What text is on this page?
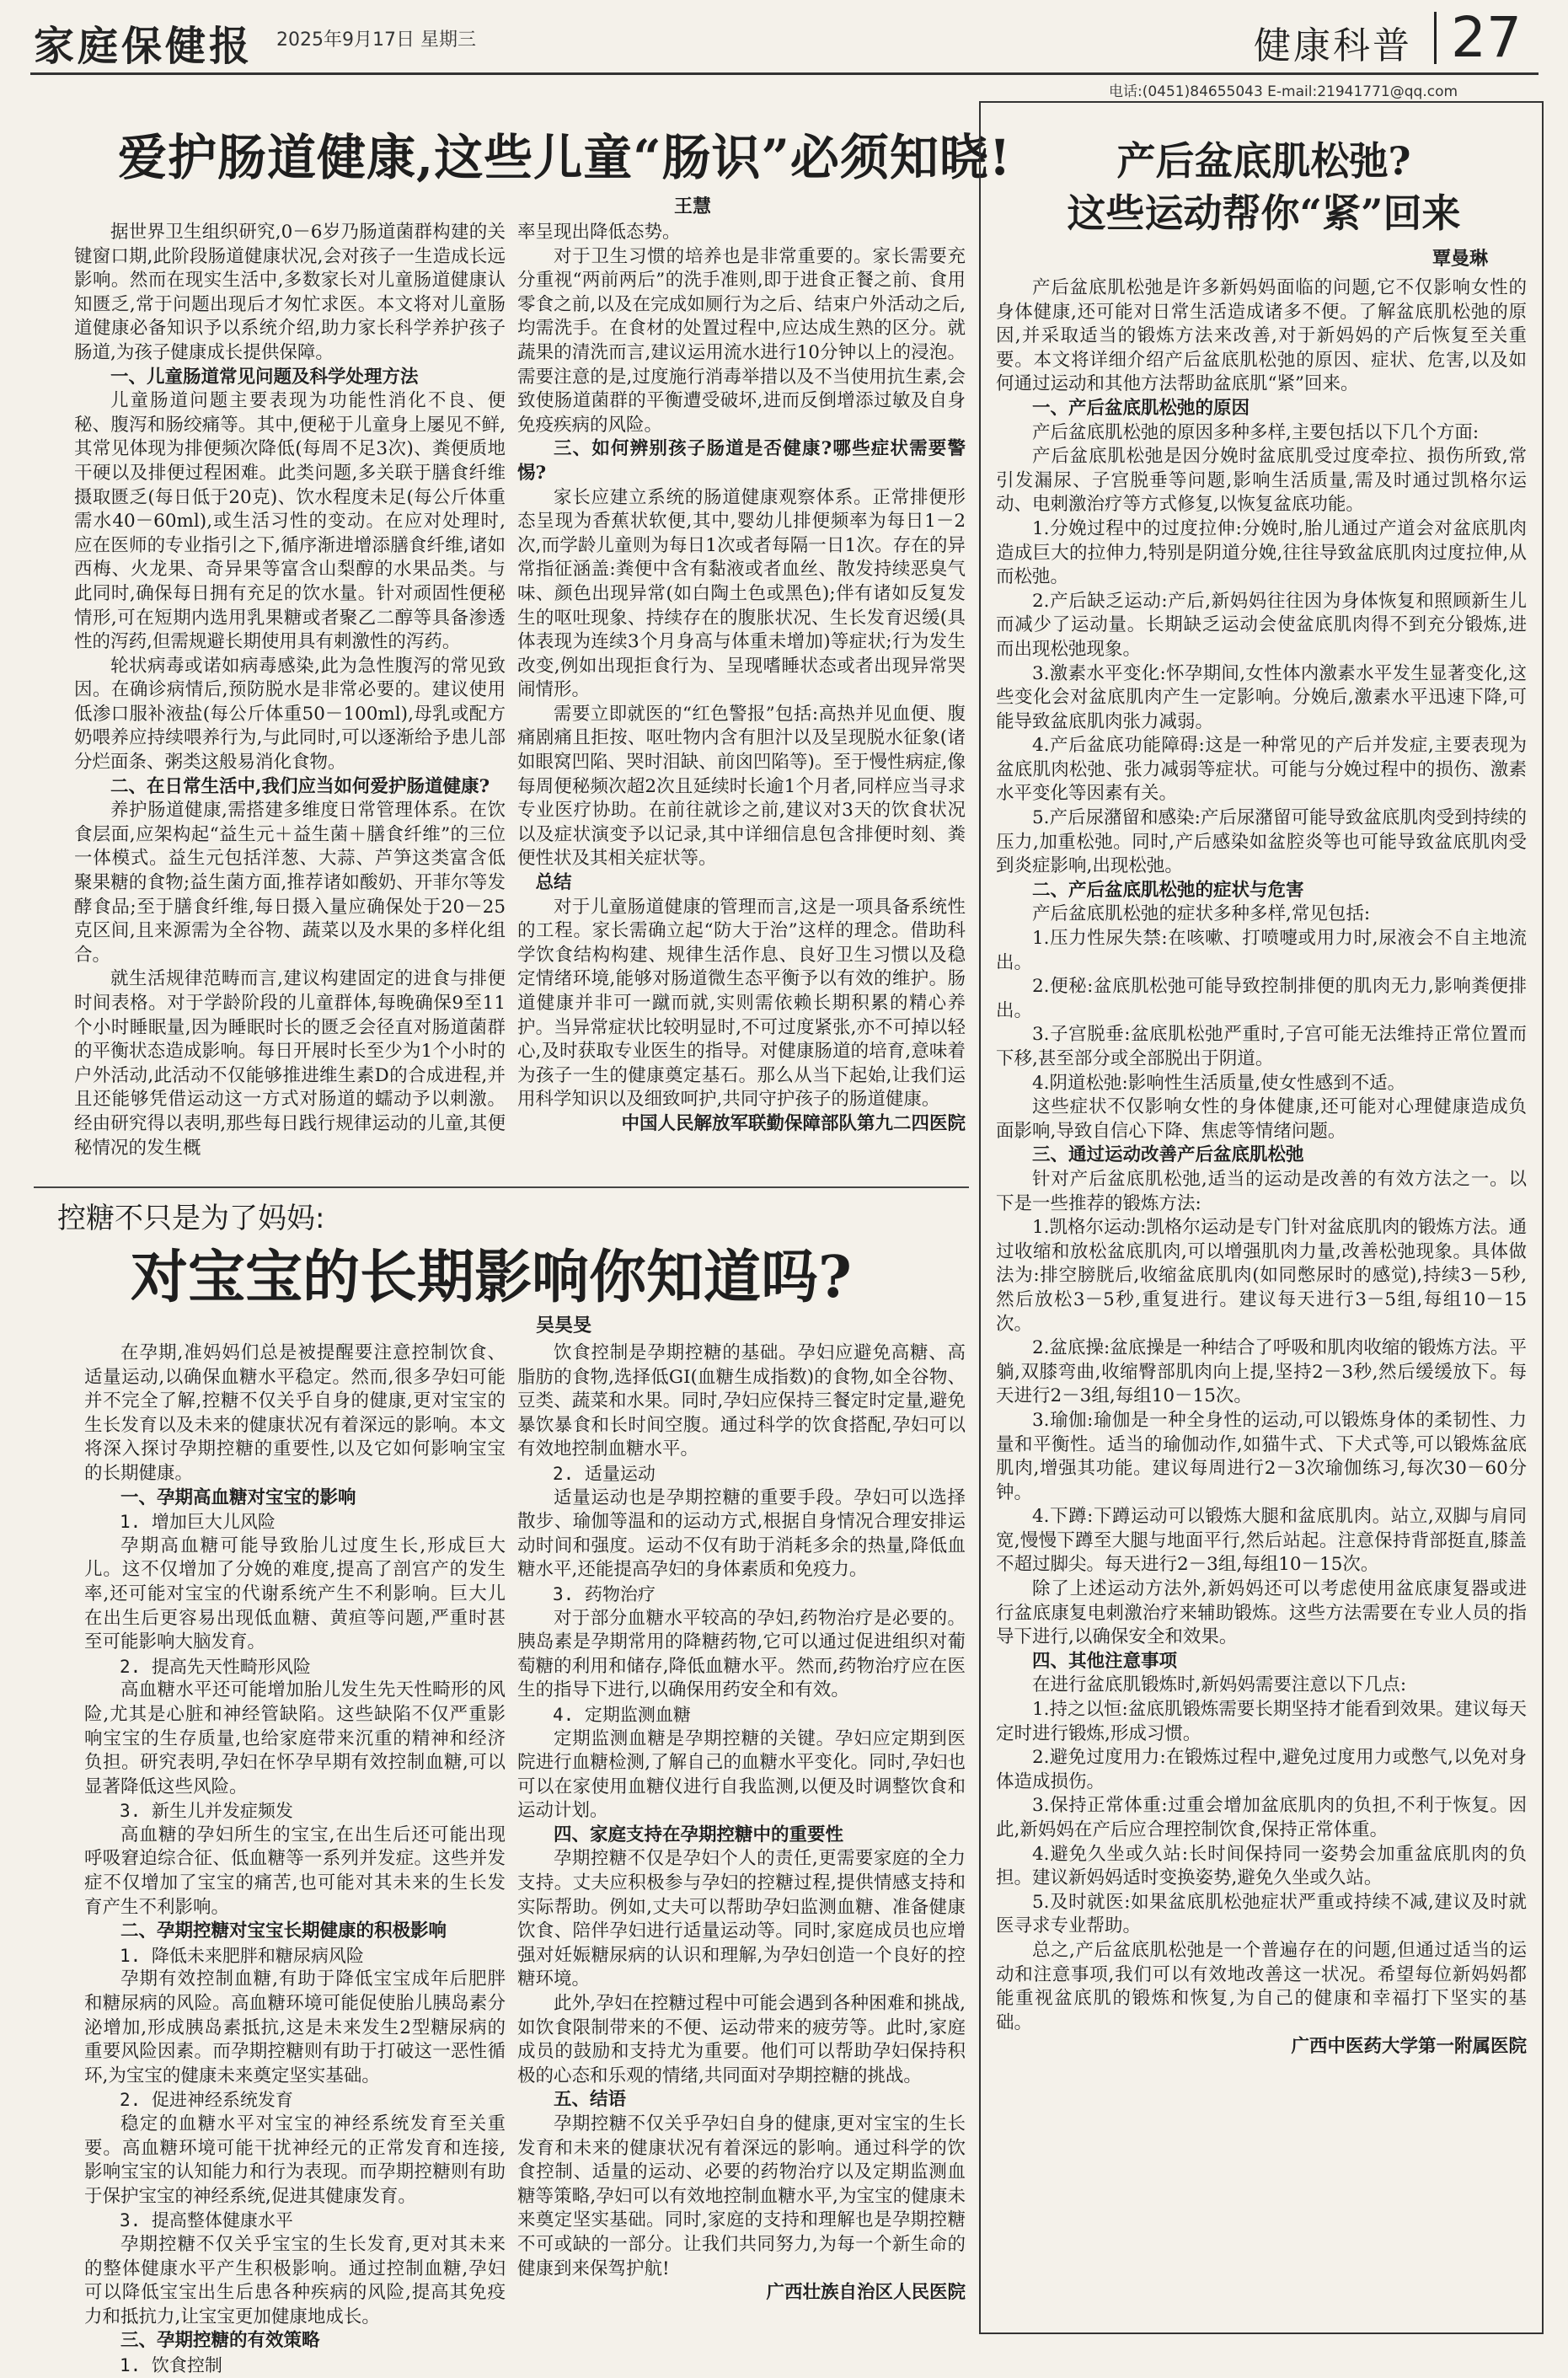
家庭保健报 2025年9月17日 星期三	健康科普 27
电话:(0451)84655043 E-mail:21941771@qq.com
爱护肠道健康,这些儿童“肠识”必须知晓!
王慧

据世界卫生组织研究,0－6岁乃肠道菌群构建的关键窗口期,此阶段肠道健康状况,会对孩子一生造成长远影响。然而在现实生活中,多数家长对儿童肠道健康认知匮乏,常于问题出现后才匆忙求医。本文将对儿童肠道健康必备知识予以系统介绍,助力家长科学养护孩子肠道,为孩子健康成长提供保障。

一、儿童肠道常见问题及科学处理方法

儿童肠道问题主要表现为功能性消化不良、便秘、腹泻和肠绞痛等。其中,便秘于儿童身上屡见不鲜,其常见体现为排便频次降低(每周不足3次)、粪便质地干硬以及排便过程困难。此类问题,多关联于膳食纤维摄取匮乏(每日低于20克)、饮水程度未足(每公斤体重需水40－60ml),或生活习性的变动。在应对处理时,应在医师的专业指引之下,循序渐进增添膳食纤维,诸如西梅、火龙果、奇异果等富含山梨醇的水果品类。与此同时,确保每日拥有充足的饮水量。针对顽固性便秘情形,可在短期内选用乳果糖或者聚乙二醇等具备渗透性的泻药,但需规避长期使用具有刺激性的泻药。

轮状病毒或诺如病毒感染,此为急性腹泻的常见致因。在确诊病情后,预防脱水是非常必要的。建议使用低渗口服补液盐(每公斤体重50－100ml),母乳或配方奶喂养应持续喂养行为,与此同时,可以逐渐给予患儿部分烂面条、粥类这般易消化食物。

二、在日常生活中,我们应当如何爱护肠道健康?

养护肠道健康,需搭建多维度日常管理体系。在饮食层面,应架构起“益生元＋益生菌＋膳食纤维”的三位一体模式。益生元包括洋葱、大蒜、芦笋这类富含低聚果糖的食物;益生菌方面,推荐诸如酸奶、开菲尔等发酵食品;至于膳食纤维,每日摄入量应确保处于20－25克区间,且来源需为全谷物、蔬菜以及水果的多样化组合。

就生活规律范畴而言,建议构建固定的进食与排便时间表格。对于学龄阶段的儿童群体,每晚确保9至11个小时睡眠量,因为睡眠时长的匮乏会径直对肠道菌群的平衡状态造成影响。每日开展时长至少为1个小时的户外活动,此活动不仅能够推进维生素D的合成进程,并且还能够凭借运动这一方式对肠道的蠕动予以刺激。经由研究得以表明,那些每日践行规律运动的儿童,其便秘情况的发生概

率呈现出降低态势。

对于卫生习惯的培养也是非常重要的。家长需要充分重视“两前两后”的洗手准则,即于进食正餐之前、食用零食之前,以及在完成如厕行为之后、结束户外活动之后,均需洗手。在食材的处置过程中,应达成生熟的区分。就蔬果的清洗而言,建议运用流水进行10分钟以上的浸泡。需要注意的是,过度施行消毒举措以及不当使用抗生素,会致使肠道菌群的平衡遭受破坏,进而反倒增添过敏及自身免疫疾病的风险。

三、如何辨别孩子肠道是否健康?哪些症状需要警惕?

家长应建立系统的肠道健康观察体系。正常排便形态呈现为香蕉状软便,其中,婴幼儿排便频率为每日1－2次,而学龄儿童则为每日1次或者每隔一日1次。存在的异常指征涵盖:粪便中含有黏液或者血丝、散发持续恶臭气味、颜色出现异常(如白陶土色或黑色);伴有诸如反复发生的呕吐现象、持续存在的腹胀状况、生长发育迟缓(具体表现为连续3个月身高与体重未增加)等症状;行为发生改变,例如出现拒食行为、呈现嗜睡状态或者出现异常哭闹情形。

需要立即就医的“红色警报”包括:高热并见血便、腹痛剧痛且拒按、呕吐物内含有胆汁以及呈现脱水征象(诸如眼窝凹陷、哭时泪缺、前囟凹陷等)。至于慢性病症,像每周便秘频次超2次且延续时长逾1个月者,同样应当寻求专业医疗协助。在前往就诊之前,建议对3天的饮食状况以及症状演变予以记录,其中详细信息包含排便时刻、粪便性状及其相关症状等。

总结

对于儿童肠道健康的管理而言,这是一项具备系统性的工程。家长需确立起“防大于治”这样的理念。借助科学饮食结构构建、规律生活作息、良好卫生习惯以及稳定情绪环境,能够对肠道微生态平衡予以有效的维护。肠道健康并非可一蹴而就,实则需依赖长期积累的精心养护。当异常症状比较明显时,不可过度紧张,亦不可掉以轻心,及时获取专业医生的指导。对健康肠道的培育,意味着为孩子一生的健康奠定基石。那么从当下起始,让我们运用科学知识以及细致呵护,共同守护孩子的肠道健康。

中国人民解放军联勤保障部队第九二四医院

控糖不只是为了妈妈:
对宝宝的长期影响你知道吗?
吴昊旻

在孕期,准妈妈们总是被提醒要注意控制饮食、适量运动,以确保血糖水平稳定。然而,很多孕妇可能并不完全了解,控糖不仅关乎自身的健康,更对宝宝的生长发育以及未来的健康状况有着深远的影响。本文将深入探讨孕期控糖的重要性,以及它如何影响宝宝的长期健康。

一、孕期高血糖对宝宝的影响
1. 增加巨大儿风险

孕期高血糖可能导致胎儿过度生长,形成巨大儿。这不仅增加了分娩的难度,提高了剖宫产的发生率,还可能对宝宝的代谢系统产生不利影响。巨大儿在出生后更容易出现低血糖、黄疸等问题,严重时甚至可能影响大脑发育。

2. 提高先天性畸形风险

高血糖水平还可能增加胎儿发生先天性畸形的风险,尤其是心脏和神经管缺陷。这些缺陷不仅严重影响宝宝的生存质量,也给家庭带来沉重的精神和经济负担。研究表明,孕妇在怀孕早期有效控制血糖,可以显著降低这些风险。

3. 新生儿并发症频发

高血糖的孕妇所生的宝宝,在出生后还可能出现呼吸窘迫综合征、低血糖等一系列并发症。这些并发症不仅增加了宝宝的痛苦,也可能对其未来的生长发育产生不利影响。

二、孕期控糖对宝宝长期健康的积极影响
1. 降低未来肥胖和糖尿病风险

孕期有效控制血糖,有助于降低宝宝成年后肥胖和糖尿病的风险。高血糖环境可能促使胎儿胰岛素分泌增加,形成胰岛素抵抗,这是未来发生2型糖尿病的重要风险因素。而孕期控糖则有助于打破这一恶性循环,为宝宝的健康未来奠定坚实基础。

2. 促进神经系统发育

稳定的血糖水平对宝宝的神经系统发育至关重要。高血糖环境可能干扰神经元的正常发育和连接,影响宝宝的认知能力和行为表现。而孕期控糖则有助于保护宝宝的神经系统,促进其健康发育。

3. 提高整体健康水平

孕期控糖不仅关乎宝宝的生长发育,更对其未来的整体健康水平产生积极影响。通过控制血糖,孕妇可以降低宝宝出生后患各种疾病的风险,提高其免疫力和抵抗力,让宝宝更加健康地成长。

三、孕期控糖的有效策略
1. 饮食控制

饮食控制是孕期控糖的基础。孕妇应避免高糖、高脂肪的食物,选择低GI(血糖生成指数)的食物,如全谷物、豆类、蔬菜和水果。同时,孕妇应保持三餐定时定量,避免暴饮暴食和长时间空腹。通过科学的饮食搭配,孕妇可以有效地控制血糖水平。

2. 适量运动

适量运动也是孕期控糖的重要手段。孕妇可以选择散步、瑜伽等温和的运动方式,根据自身情况合理安排运动时间和强度。运动不仅有助于消耗多余的热量,降低血糖水平,还能提高孕妇的身体素质和免疫力。

3. 药物治疗

对于部分血糖水平较高的孕妇,药物治疗是必要的。胰岛素是孕期常用的降糖药物,它可以通过促进组织对葡萄糖的利用和储存,降低血糖水平。然而,药物治疗应在医生的指导下进行,以确保用药安全和有效。

4. 定期监测血糖

定期监测血糖是孕期控糖的关键。孕妇应定期到医院进行血糖检测,了解自己的血糖水平变化。同时,孕妇也可以在家使用血糖仪进行自我监测,以便及时调整饮食和运动计划。

四、家庭支持在孕期控糖中的重要性

孕期控糖不仅是孕妇个人的责任,更需要家庭的全力支持。丈夫应积极参与孕妇的控糖过程,提供情感支持和实际帮助。例如,丈夫可以帮助孕妇监测血糖、准备健康饮食、陪伴孕妇进行适量运动等。同时,家庭成员也应增强对妊娠糖尿病的认识和理解,为孕妇创造一个良好的控糖环境。

此外,孕妇在控糖过程中可能会遇到各种困难和挑战,如饮食限制带来的不便、运动带来的疲劳等。此时,家庭成员的鼓励和支持尤为重要。他们可以帮助孕妇保持积极的心态和乐观的情绪,共同面对孕期控糖的挑战。

五、结语

孕期控糖不仅关乎孕妇自身的健康,更对宝宝的生长发育和未来的健康状况有着深远的影响。通过科学的饮食控制、适量的运动、必要的药物治疗以及定期监测血糖等策略,孕妇可以有效地控制血糖水平,为宝宝的健康未来奠定坚实基础。同时,家庭的支持和理解也是孕期控糖不可或缺的一部分。让我们共同努力,为每一个新生命的健康到来保驾护航!

广西壮族自治区人民医院

产后盆底肌松弛?
这些运动帮你“紧”回来
覃曼琳

产后盆底肌松弛是许多新妈妈面临的问题,它不仅影响女性的身体健康,还可能对日常生活造成诸多不便。了解盆底肌松弛的原因,并采取适当的锻炼方法来改善,对于新妈妈的产后恢复至关重要。本文将详细介绍产后盆底肌松弛的原因、症状、危害,以及如何通过运动和其他方法帮助盆底肌“紧”回来。

一、产后盆底肌松弛的原因

产后盆底肌松弛的原因多种多样,主要包括以下几个方面:

产后盆底肌松弛是因分娩时盆底肌受过度牵拉、损伤所致,常引发漏尿、子宫脱垂等问题,影响生活质量,需及时通过凯格尔运动、电刺激治疗等方式修复,以恢复盆底功能。

1.分娩过程中的过度拉伸:分娩时,胎儿通过产道会对盆底肌肉造成巨大的拉伸力,特别是阴道分娩,往往导致盆底肌肉过度拉伸,从而松弛。

2.产后缺乏运动:产后,新妈妈往往因为身体恢复和照顾新生儿而减少了运动量。长期缺乏运动会使盆底肌肉得不到充分锻炼,进而出现松弛现象。

3.激素水平变化:怀孕期间,女性体内激素水平发生显著变化,这些变化会对盆底肌肉产生一定影响。分娩后,激素水平迅速下降,可能导致盆底肌肉张力减弱。

4.产后盆底功能障碍:这是一种常见的产后并发症,主要表现为盆底肌肉松弛、张力减弱等症状。可能与分娩过程中的损伤、激素水平变化等因素有关。

5.产后尿潴留和感染:产后尿潴留可能导致盆底肌肉受到持续的压力,加重松弛。同时,产后感染如盆腔炎等也可能导致盆底肌肉受到炎症影响,出现松弛。

二、产后盆底肌松弛的症状与危害

产后盆底肌松弛的症状多种多样,常见包括:

1.压力性尿失禁:在咳嗽、打喷嚏或用力时,尿液会不自主地流出。

2.便秘:盆底肌松弛可能导致控制排便的肌肉无力,影响粪便排出。

3.子宫脱垂:盆底肌松弛严重时,子宫可能无法维持正常位置而下移,甚至部分或全部脱出于阴道。

4.阴道松弛:影响性生活质量,使女性感到不适。

这些症状不仅影响女性的身体健康,还可能对心理健康造成负面影响,导致自信心下降、焦虑等情绪问题。

三、通过运动改善产后盆底肌松弛

针对产后盆底肌松弛,适当的运动是改善的有效方法之一。以下是一些推荐的锻炼方法:

1.凯格尔运动:凯格尔运动是专门针对盆底肌肉的锻炼方法。通过收缩和放松盆底肌肉,可以增强肌肉力量,改善松弛现象。具体做法为:排空膀胱后,收缩盆底肌肉(如同憋尿时的感觉),持续3－5秒,然后放松3－5秒,重复进行。建议每天进行3－5组,每组10－15次。

2.盆底操:盆底操是一种结合了呼吸和肌肉收缩的锻炼方法。平躺,双膝弯曲,收缩臀部肌肉向上提,坚持2－3秒,然后缓缓放下。每天进行2－3组,每组10－15次。

3.瑜伽:瑜伽是一种全身性的运动,可以锻炼身体的柔韧性、力量和平衡性。适当的瑜伽动作,如猫牛式、下犬式等,可以锻炼盆底肌肉,增强其功能。建议每周进行2－3次瑜伽练习,每次30－60分钟。

4.下蹲:下蹲运动可以锻炼大腿和盆底肌肉。站立,双脚与肩同宽,慢慢下蹲至大腿与地面平行,然后站起。注意保持背部挺直,膝盖不超过脚尖。每天进行2－3组,每组10－15次。

除了上述运动方法外,新妈妈还可以考虑使用盆底康复器或进行盆底康复电刺激治疗来辅助锻炼。这些方法需要在专业人员的指导下进行,以确保安全和效果。

四、其他注意事项

在进行盆底肌锻炼时,新妈妈需要注意以下几点:

1.持之以恒:盆底肌锻炼需要长期坚持才能看到效果。建议每天定时进行锻炼,形成习惯。

2.避免过度用力:在锻炼过程中,避免过度用力或憋气,以免对身体造成损伤。

3.保持正常体重:过重会增加盆底肌肉的负担,不利于恢复。因此,新妈妈在产后应合理控制饮食,保持正常体重。

4.避免久坐或久站:长时间保持同一姿势会加重盆底肌肉的负担。建议新妈妈适时变换姿势,避免久坐或久站。

5.及时就医:如果盆底肌松弛症状严重或持续不减,建议及时就医寻求专业帮助。

总之,产后盆底肌松弛是一个普遍存在的问题,但通过适当的运动和注意事项,我们可以有效地改善这一状况。希望每位新妈妈都能重视盆底肌的锻炼和恢复,为自己的健康和幸福打下坚实的基础。

广西中医药大学第一附属医院
